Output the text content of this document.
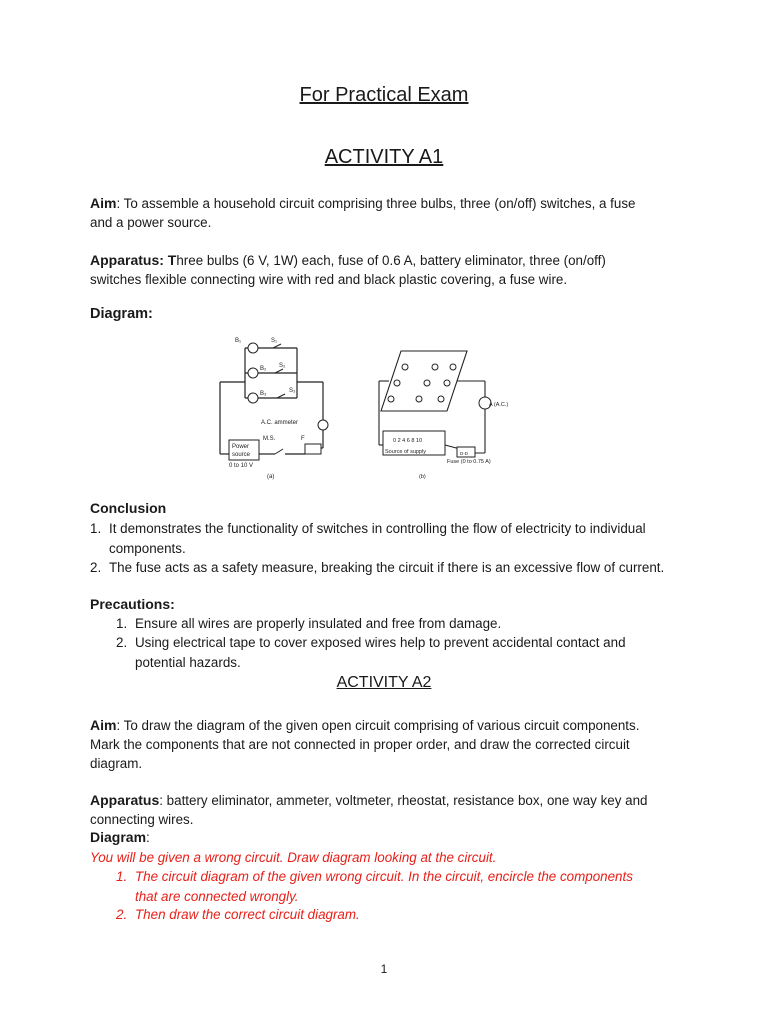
For Practical Exam
ACTIVITY A1
Aim: To assemble a household circuit comprising three bulbs, three (on/off) switches, a fuse and a power source.
Apparatus: Three bulbs (6 V, 1W) each, fuse of 0.6 A, battery eliminator, three (on/off) switches flexible connecting wire with red and black plastic covering, a fuse wire.
Diagram:
B₁	S₁
B₂ S₂
B₃	S₃
A.C. ammeter
M.S.	F
Power
source
0 to 10 V
(a)
A (A.C.)
0 2 4 6 8 10
Source of supply	D-D
Fuse (0 to 0.75 A)
(b)
Conclusion
1. It demonstrates the functionality of switches in controlling the flow of electricity to individual
components.
2. The fuse acts as a safety measure, breaking the circuit if there is an excessive flow of current.
Precautions:
1. Ensure all wires are properly insulated and free from damage.
2. Using electrical tape to cover exposed wires help to prevent accidental contact and
potential hazards.
ACTIVITY A2
Aim: To draw the diagram of the given open circuit comprising of various circuit components. Mark the components that are not connected in proper order, and draw the corrected circuit diagram.
Apparatus: battery eliminator, ammeter, voltmeter, rheostat, resistance box, one way key and connecting wires.
Diagram:
You will be given a wrong circuit. Draw diagram looking at the circuit.
1. The circuit diagram of the given wrong circuit. In the circuit, encircle the components
that are connected wrongly.
2. Then draw the correct circuit diagram.
1
